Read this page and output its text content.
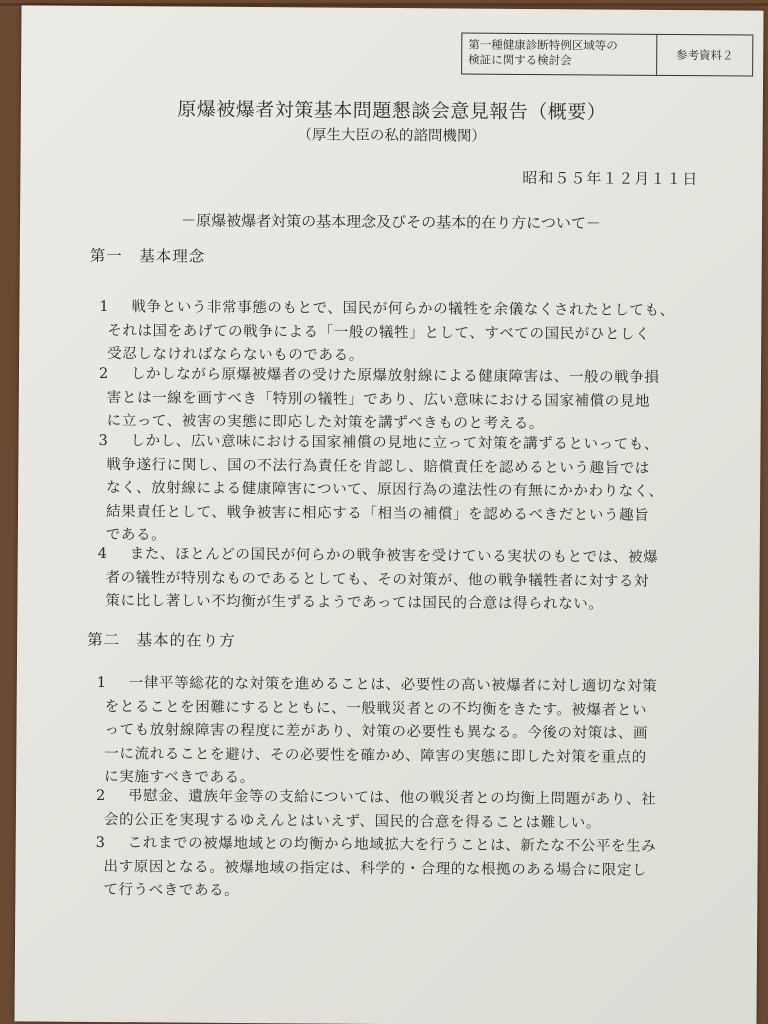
第一種健康診断特例区域等の
検証に関する検討会	参考資料２
原爆被爆者対策基本問題懇談会意見報告（概要）
（厚生大臣の私的諮問機関）
昭和５５年１２月１１日
－原爆被爆者対策の基本理念及びその基本的在り方について－
第一　基本理念
1 戦争という非常事態のもとで、国民が何らかの犠牲を余儀なくされたとしても、
それは国をあげての戦争による「一般の犠牲」として、すべての国民がひとしく
受忍しなければならないものである。
2 しかしながら原爆被爆者の受けた原爆放射線による健康障害は、一般の戦争損
害とは一線を画すべき「特別の犠牲」であり、広い意味における国家補償の見地
に立って、被害の実態に即応した対策を講ずべきものと考える。
3 しかし、広い意味における国家補償の見地に立って対策を講ずるといっても、
戦争遂行に関し、国の不法行為責任を肯認し、賠償責任を認めるという趣旨では
なく、放射線による健康障害について、原因行為の違法性の有無にかかわりなく、
結果責任として、戦争被害に相応する「相当の補償」を認めるべきだという趣旨
である。
4 また、ほとんどの国民が何らかの戦争被害を受けている実状のもとでは、被爆
者の犠牲が特別なものであるとしても、その対策が、他の戦争犠牲者に対する対
策に比し著しい不均衡が生ずるようであっては国民的合意は得られない。
第二　基本的在り方
1 一律平等総花的な対策を進めることは、必要性の高い被爆者に対し適切な対策
をとることを困難にするとともに、一般戦災者との不均衡をきたす。被爆者とい
っても放射線障害の程度に差があり、対策の必要性も異なる。今後の対策は、画
一に流れることを避け、その必要性を確かめ、障害の実態に即した対策を重点的
に実施すべきである。
2 弔慰金、遺族年金等の支給については、他の戦災者との均衡上問題があり、社
会的公正を実現するゆえんとはいえず、国民的合意を得ることは難しい。
3 これまでの被爆地域との均衡から地域拡大を行うことは、新たな不公平を生み
出す原因となる。被爆地域の指定は、科学的・合理的な根拠のある場合に限定し
て行うべきである。
